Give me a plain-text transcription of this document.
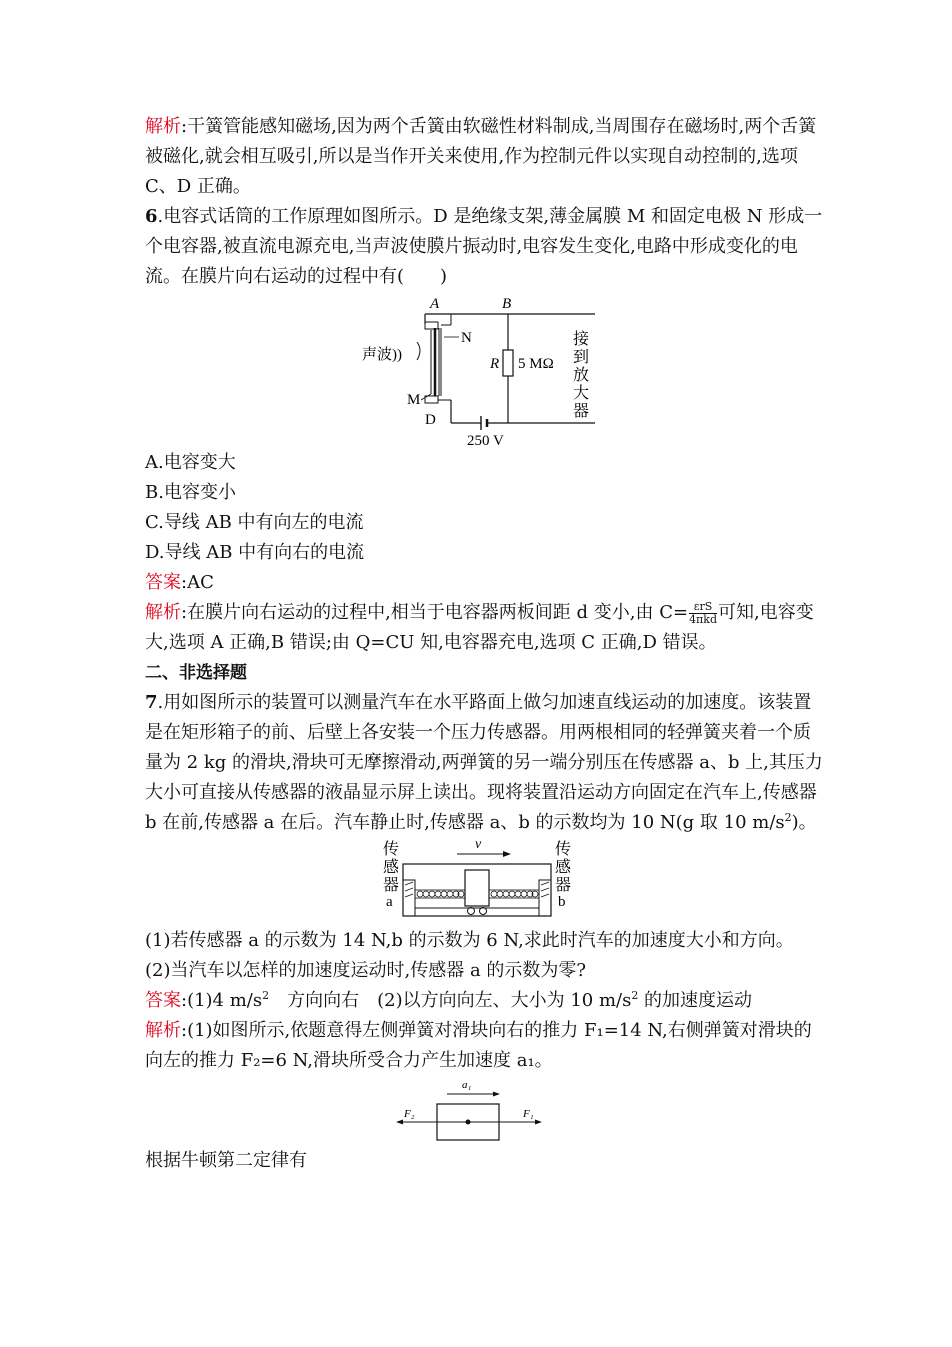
解析:干簧管能感知磁场,因为两个舌簧由软磁性材料制成,当周围存在磁场时,两个舌簧被磁化,就会相互吸引,所以是当作开关来使用,作为控制元件以实现自动控制的,选项 C、D 正确。

6.电容式话筒的工作原理如图所示。D 是绝缘支架,薄金属膜 M 和固定电极 N 形成一个电容器,被直流电源充电,当声波使膜片振动时,电容发生变化,电路中形成变化的电流。在膜片向右运动的过程中有(　　)

A	B
N
声波))
M
D
250 V
R 5 MΩ
接
到
放
大
器

A.电容变大

B.电容变小

C.导线 AB 中有向左的电流

D.导线 AB 中有向右的电流

答案:AC

解析:在膜片向右运动的过程中,相当于电容器两板间距 d 变小,由 $C= \frac{\text{εrS}}{\text{4πkd}}$ 可知,电容变大,选项 A 正确,B 错误;由 Q=CU 知,电容器充电,选项 C 正确,D 错误。

二、非选择题

7.用如图所示的装置可以测量汽车在水平路面上做匀加速直线运动的加速度。该装置是在矩形箱子的前、后壁上各安装一个压力传感器。用两根相同的轻弹簧夹着一个质量为 2 kg 的滑块,滑块可无摩擦滑动,两弹簧的另一端分别压在传感器 a、b 上,其压力大小可直接从传感器的液晶显示屏上读出。现将装置沿运动方向固定在汽车上,传感器 b 在前,传感器 a 在后。汽车静止时,传感器 a、b 的示数均为 10 N(g 取 10 $m/s^2$)。

传
感
器
a
传
感
器
b
v

(1)若传感器 a 的示数为 14 N,b 的示数为 6 N,求此时汽车的加速度大小和方向。

(2)当汽车以怎样的加速度运动时,传感器 a 的示数为零?

答案:(1)4 $m/s^2$　方向向右　(2)以方向向左、大小为 10 $m/s^2$ 的加速度运动

解析:(1)如图所示,依题意得左侧弹簧对滑块向右的推力 F₁=14 N,右侧弹簧对滑块的向左的推力 F₂=6 N,滑块所受合力产生加速度 a₁。

a₁
F₂	F₁

根据牛顿第二定律有
